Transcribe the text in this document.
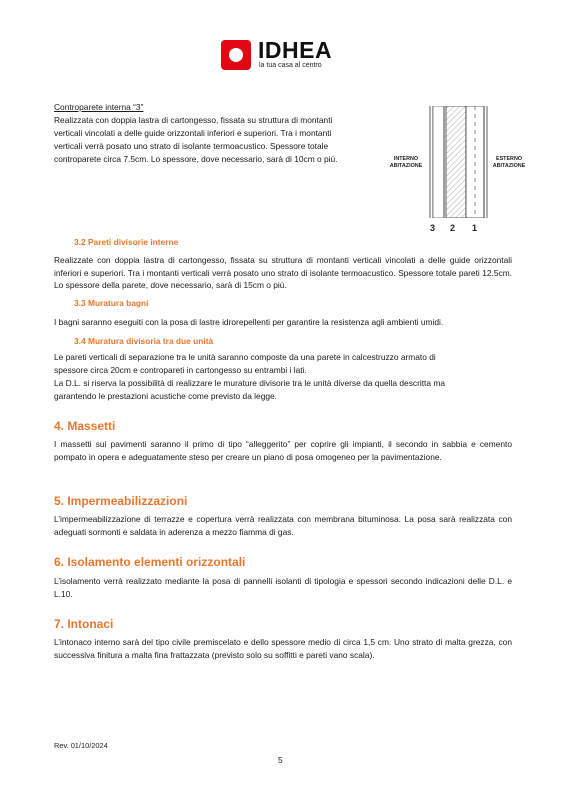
IDHEA
la tua casa al centro

Controparete interna “3”

Realizzata con doppia lastra di cartongesso, fissata su struttura di montanti

verticali vincolati a delle guide orizzontali inferiori e superiori. Tra i montanti

verticali verrà posato uno strato di isolante termoacustico. Spessore totale

controparete circa 7.5cm. Lo spessore, dove necessario, sarà di 10cm o più.	INTERNO
ABITAZIONE
ESTERNO
ABITAZIONE
3 2 1

3.2 Pareti divisorie interne

Realizzate con doppia lastra di cartongesso, fissata su struttura di montanti verticali vincolati a delle guide orizzontali inferiori e superiori. Tra i montanti verticali verrà posato uno strato di isolante termoacustico. Spessore totale pareti 12.5cm. Lo spessore della parete, dove necessario, sarà di 15cm o più.

3.3 Muratura bagni

I bagni saranno eseguiti con la posa di lastre idrorepellenti per garantire la resistenza agli ambienti umidi.

3.4 Muratura divisoria tra due unità

Le pareti verticali di separazione tra le unità saranno composte da una parete in calcestruzzo armato di

spessore circa 20cm e contropareti in cartongesso su entrambi i lati.

La D.L. si riserva la possibilità di realizzare le murature divisorie tra le unità diverse da quella descritta ma

garantendo le prestazioni acustiche come previsto da legge.

4. Massetti

I massetti sui pavimenti saranno il primo di tipo “alleggerito” per coprire gli impianti, il secondo in sabbia e cemento pompato in opera e adeguatamente steso per creare un piano di posa omogeneo per la pavimentazione.

5. Impermeabilizzazioni

L’impermeabilizzazione di terrazze e copertura verrà realizzata con membrana bituminosa. La posa sarà realizzata con adeguati sormonti e saldata in aderenza a mezzo fiamma di gas.

6. Isolamento elementi orizzontali

L’isolamento verrà realizzato mediante la posa di pannelli isolanti di tipologia e spessori secondo indicazioni delle D.L. e L.10.

7. Intonaci

L’intonaco interno sarà del tipo civile premiscelato e dello spessore medio di circa 1,5 cm. Uno strato di malta grezza, con successiva finitura a malta fina frattazzata (previsto solo su soffitti e pareti vano scala).

Rev. 01/10/2024

5
